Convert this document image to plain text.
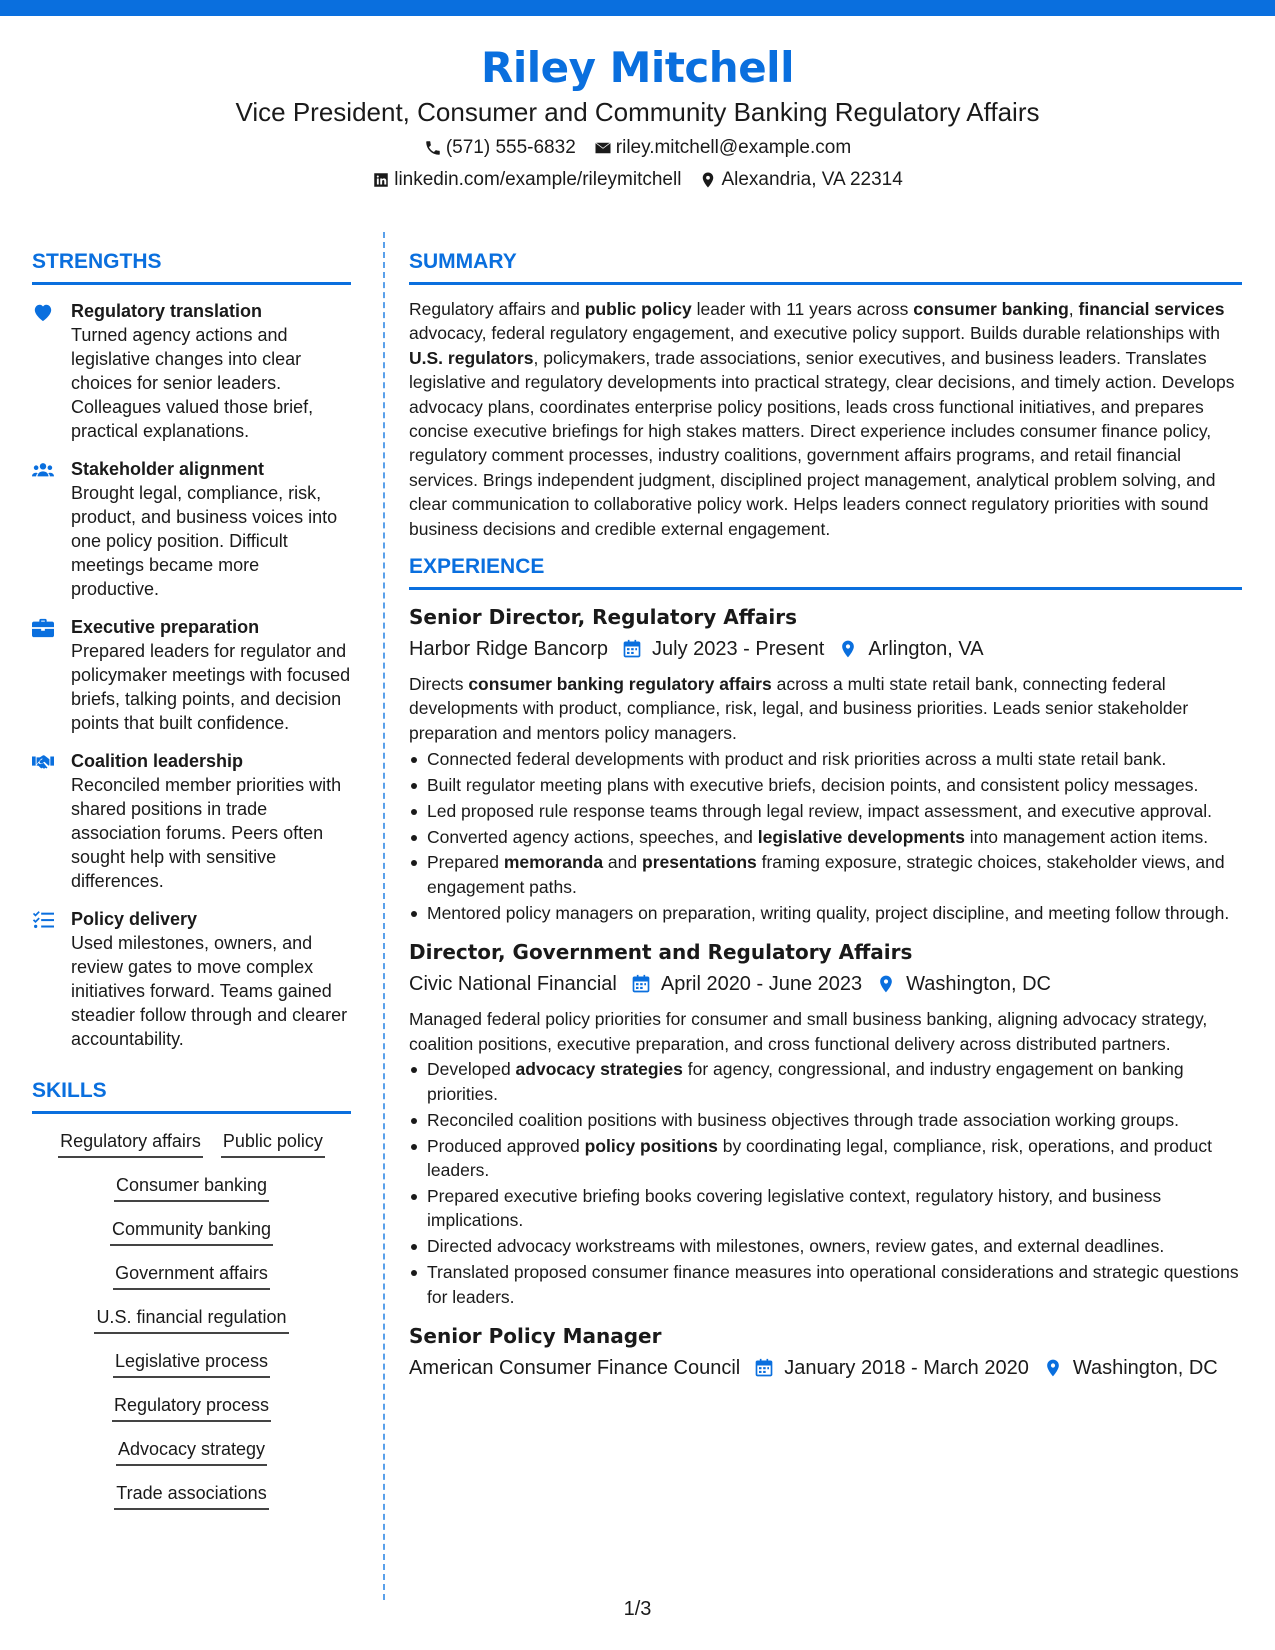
Riley Mitchell
Vice President, Consumer and Community Banking Regulatory Affairs
(571) 555-6832 riley.mitchell@example.com
linkedin.com/example/rileymitchell Alexandria, VA 22314
STRENGTHS
Regulatory translation
Turned agency actions and legislative changes into clear choices for senior leaders. Colleagues valued those brief, practical explanations.
Stakeholder alignment
Brought legal, compliance, risk, product, and business voices into one policy position. Difficult meetings became more productive.
Executive preparation
Prepared leaders for regulator and policymaker meetings with focused briefs, talking points, and decision points that built confidence.
Coalition leadership
Reconciled member priorities with shared positions in trade association forums. Peers often sought help with sensitive differences.
Policy delivery
Used milestones, owners, and review gates to move complex initiatives forward. Teams gained steadier follow through and clearer accountability.
SKILLS
Regulatory affairs Public policy
Consumer banking
Community banking
Government affairs
U.S. financial regulation
Legislative process
Regulatory process
Advocacy strategy
Trade associations
SUMMARY

Regulatory affairs and public policy leader with 11 years across consumer banking, financial services advocacy, federal regulatory engagement, and executive policy support. Builds durable relationships with U.S. regulators, policymakers, trade associations, senior executives, and business leaders. Translates legislative and regulatory developments into practical strategy, clear decisions, and timely action. Develops advocacy plans, coordinates enterprise policy positions, leads cross functional initiatives, and prepares concise executive briefings for high stakes matters. Direct experience includes consumer finance policy, regulatory comment processes, industry coalitions, government affairs programs, and retail financial services. Brings independent judgment, disciplined project management, analytical problem solving, and clear communication to collaborative policy work. Helps leaders connect regulatory priorities with sound business decisions and credible external engagement.

EXPERIENCE
Senior Director, Regulatory Affairs
Harbor Ridge Bancorp July 2023 - Present Arlington, VA

Directs consumer banking regulatory affairs across a multi state retail bank, connecting federal developments with product, compliance, risk, legal, and business priorities. Leads senior stakeholder preparation and mentors policy managers.

Connected federal developments with product and risk priorities across a multi state retail bank.
Built regulator meeting plans with executive briefs, decision points, and consistent policy messages.
Led proposed rule response teams through legal review, impact assessment, and executive approval.
Converted agency actions, speeches, and legislative developments into management action items.
Prepared memoranda and presentations framing exposure, strategic choices, stakeholder views, and engagement paths.
Mentored policy managers on preparation, writing quality, project discipline, and meeting follow through.
Director, Government and Regulatory Affairs
Civic National Financial April 2020 - June 2023 Washington, DC

Managed federal policy priorities for consumer and small business banking, aligning advocacy strategy, coalition positions, executive preparation, and cross functional delivery across distributed partners.

Developed advocacy strategies for agency, congressional, and industry engagement on banking priorities.
Reconciled coalition positions with business objectives through trade association working groups.
Produced approved policy positions by coordinating legal, compliance, risk, operations, and product leaders.
Prepared executive briefing books covering legislative context, regulatory history, and business implications.
Directed advocacy workstreams with milestones, owners, review gates, and external deadlines.
Translated proposed consumer finance measures into operational considerations and strategic questions for leaders.
Senior Policy Manager
American Consumer Finance Council January 2018 - March 2020 Washington, DC
1/3
